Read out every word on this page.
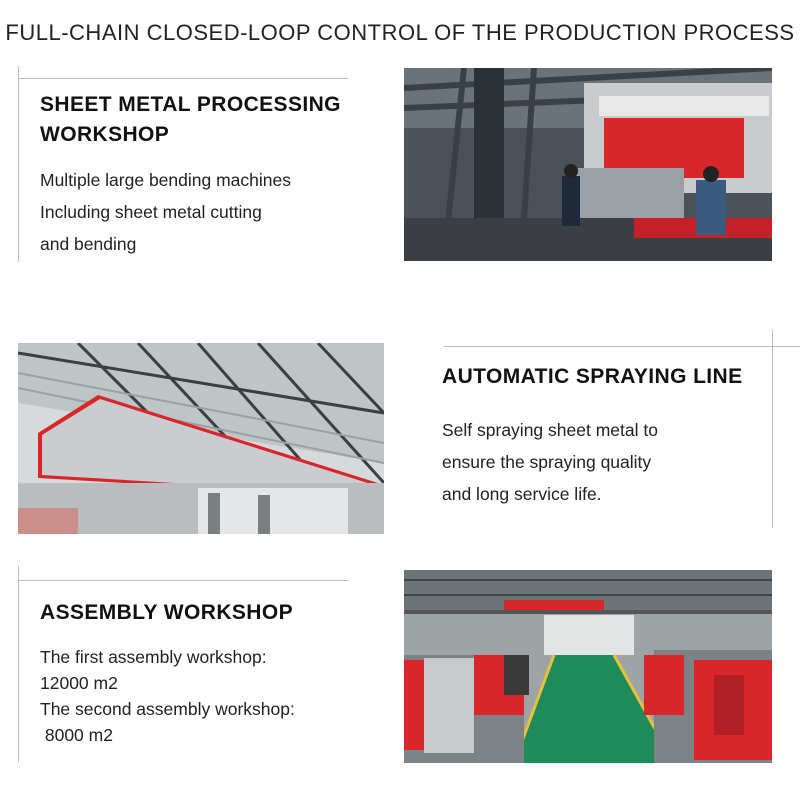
FULL-CHAIN CLOSED-LOOP CONTROL OF THE PRODUCTION PROCESS
SHEET METAL PROCESSING
WORKSHOP
Multiple large bending machines
Including sheet metal cutting
and bending
AUTOMATIC SPRAYING LINE
Self spraying sheet metal to
ensure the spraying quality
and long service life.
ASSEMBLY WORKSHOP
The first assembly workshop:
12000 m2
The second assembly workshop:
8000 m2
